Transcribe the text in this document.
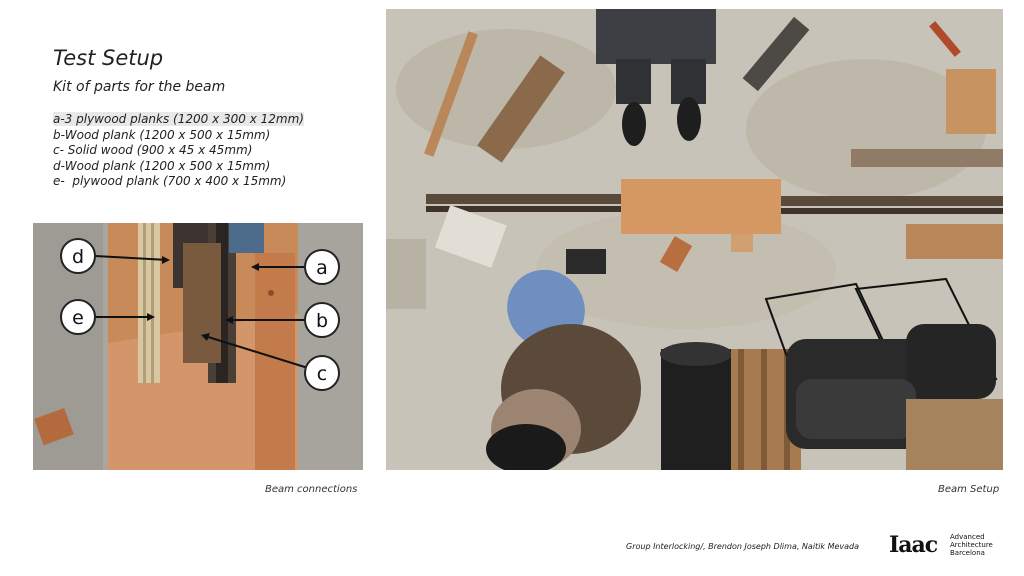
Test Setup
Kit of parts for the beam
a-3 plywood planks (1200 x 300 x 12mm)
b-Wood plank (1200 x 500 x 15mm)
c- Solid wood (900 x 45 x 45mm)
d-Wood plank (1200 x 500 x 15mm)
e-  plywood plank (700 x 400 x 15mm)
d
e
a
b
c
Beam connections	Beam Setup
Group Interlocking/, Brendon Joseph Dlima, Naitik Mevada Iaac Advanced
Architecture
Barcelona
